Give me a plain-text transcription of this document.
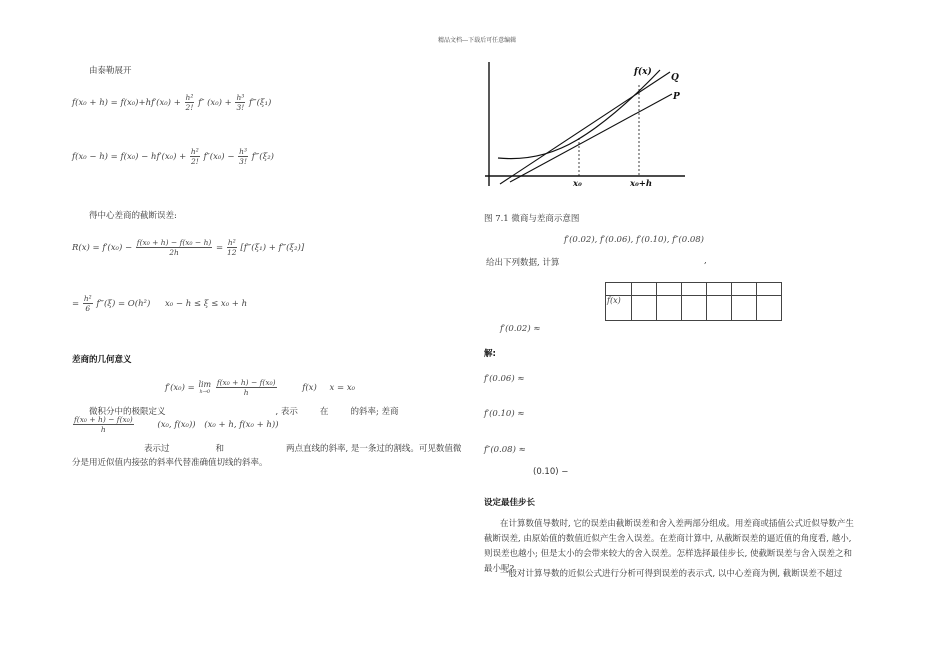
精品文档---下载后可任意编辑
由泰勒展开
$f(x_0 + h) = f(x_0)+hf'(x_0) + \frac{\text{h²}}{2!} f''$ $(x_0) + \frac{\text{h³}}{3!}$ f‴(ξ₁)
$f(x_0 - h) = f(x_0) - hf'(x_0) + \frac{\text{h²}}{2!} f''(x_0) - \frac{\text{h³}}{3!}$ f‴(ξ₂)
得中心差商的截断误差:
$R(x) = f'(x_0) - \frac{\text{f(x₀ + h) − f(x₀ − h)}}{2h} = \frac{\text{h²}}{12}$ [f‴(ξ₁) + f‴(ξ₂)]
= $\frac{\text{h²}}{6}$ f‴(ξ) = O(h²) x₀ − h ≤ ξ ≤ x₀ + h
差商的几何意义
f′(x₀) = lim
h→0
$\frac{\text{f(x₀ + h) − f(x₀)}}{h}$	f(x) x = x₀
微积分中的极限定义	, 表示	在	的斜率; 差商
$\frac{\text{f(x₀ + h) − f(x₀)}}{h}$	(x₀, f(x₀)) (x₀ + h, f(x₀ + h))
表示过	和	两点直线的斜率, 是一条过的割线。可见数值微
分是用近似值内接弦的斜率代替准确值切线的斜率。
f(x)
Q
P
x₀	x₀+h
图 7.1 微商与差商示意图
f′(0.02), f′(0.06), f′(0.10), f″(0.08)
给出下列数据, 计算	,

f(x)						
f′(0.02) ≈
解:
f′(0.06) ≈
f′(0.10) ≈
f″(0.08) ≈
(0.10) −
设定最佳步长
在计算数值导数时, 它的误差由截断误差和舍入差两部分组成。用差商或插值公式近似导数产生截断误差, 由原始值的数值近似产生舍入误差。在差商计算中, 从截断误差的逼近值的角度看, 越小, 则误差也越小; 但是太小的会带来较大的舍入误差。怎样选择最佳步长, 使截断误差与舍入误差之和最小呢?
一般对计算导数的近似公式进行分析可得到误差的表示式, 以中心差商为例, 截断误差不超过
